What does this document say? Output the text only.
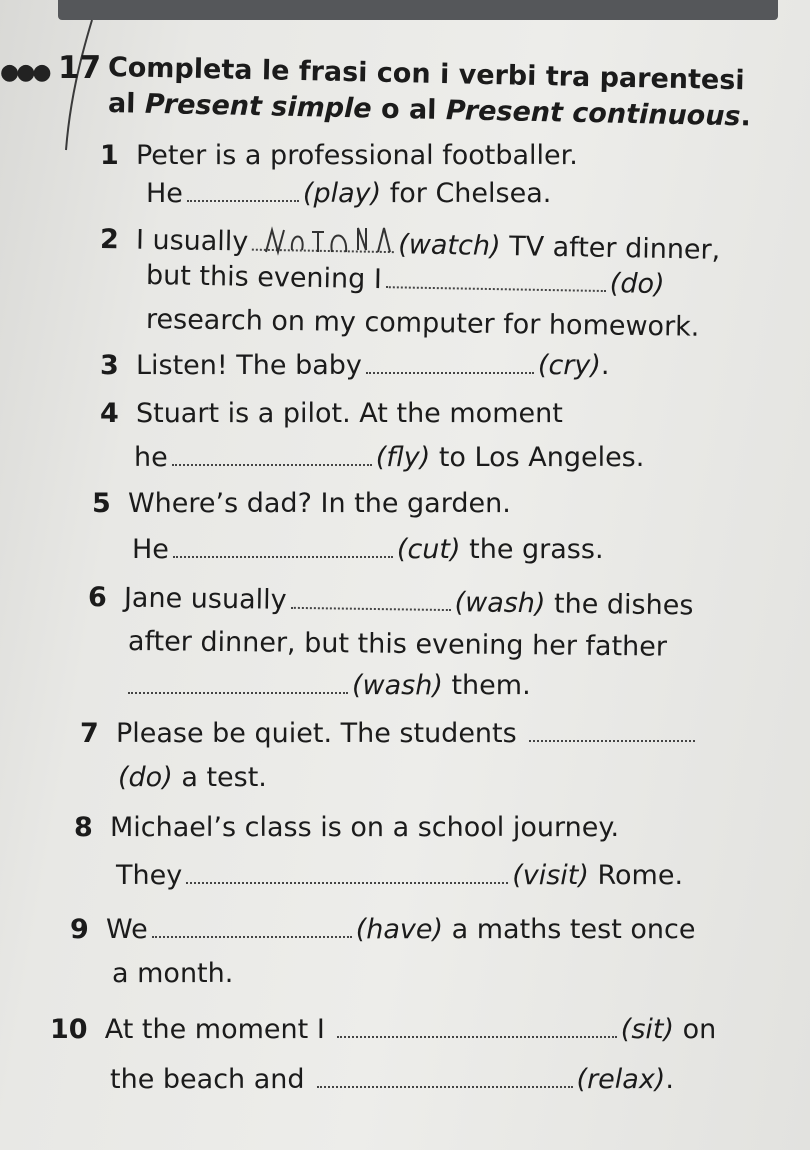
●●● 17 Completa le frasi con i verbi tra parentesi
al Present simple o al Present continuous.
1 Peter is a professional footballer.
He	(play) for Chelsea.
2 I usually	(watch) TV after dinner,
but this evening I	(do)
research on my computer for homework.
3 Listen! The baby	(cry).
4 Stuart is a pilot. At the moment
he	(fly) to Los Angeles.
5 Where’s dad? In the garden.
He	(cut) the grass.
6 Jane usually	(wash) the dishes
after dinner, but this evening her father
(wash) them.
7 Please be quiet. The students
(do) a test.
8 Michael’s class is on a school journey.
They	(visit) Rome.
9 We	(have) a maths test once
a month.
10 At the moment I	(sit) on
the beach and	(relax).
